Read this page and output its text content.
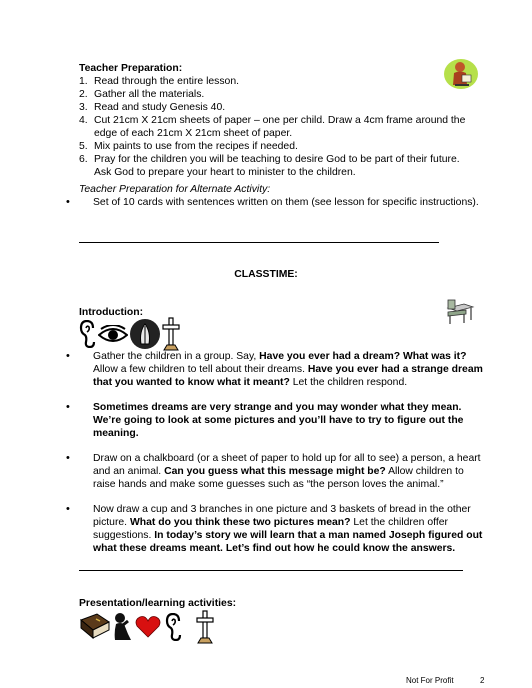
Teacher Preparation:
1. Read through the entire lesson.
2. Gather all the materials.
3. Read and study Genesis 40.
4. Cut 21cm X 21cm sheets of paper – one per child. Draw a 4cm frame around the edge of each 21cm X 21cm sheet of paper.
5. Mix paints to use from the recipes if needed.
6. Pray for the children you will be teaching to desire God to be part of their future. Ask God to prepare your heart to minister to the children.
Teacher Preparation for Alternate Activity:
• Set of 10 cards with sentences written on them (see lesson for specific instructions).
CLASSTIME:
Introduction:
• Gather the children in a group. Say, Have you ever had a dream? What was it? Allow a few children to tell about their dreams. Have you ever had a strange dream that you wanted to know what it meant? Let the children respond.
• Sometimes dreams are very strange and you may wonder what they mean. We’re going to look at some pictures and you’ll have to try to figure out the meaning.
• Draw on a chalkboard (or a sheet of paper to hold up for all to see) a person, a heart and an animal. Can you guess what this message might be? Allow children to raise hands and make some guesses such as “the person loves the animal.”
• Now draw a cup and 3 branches in one picture and 3 baskets of bread in the other picture. What do you think these two pictures mean? Let the children offer suggestions. In today’s story we will learn that a man named Joseph figured out what these dreams meant. Let’s find out how he could know the answers.
Presentation/learning activities:
Not For Profit	2
